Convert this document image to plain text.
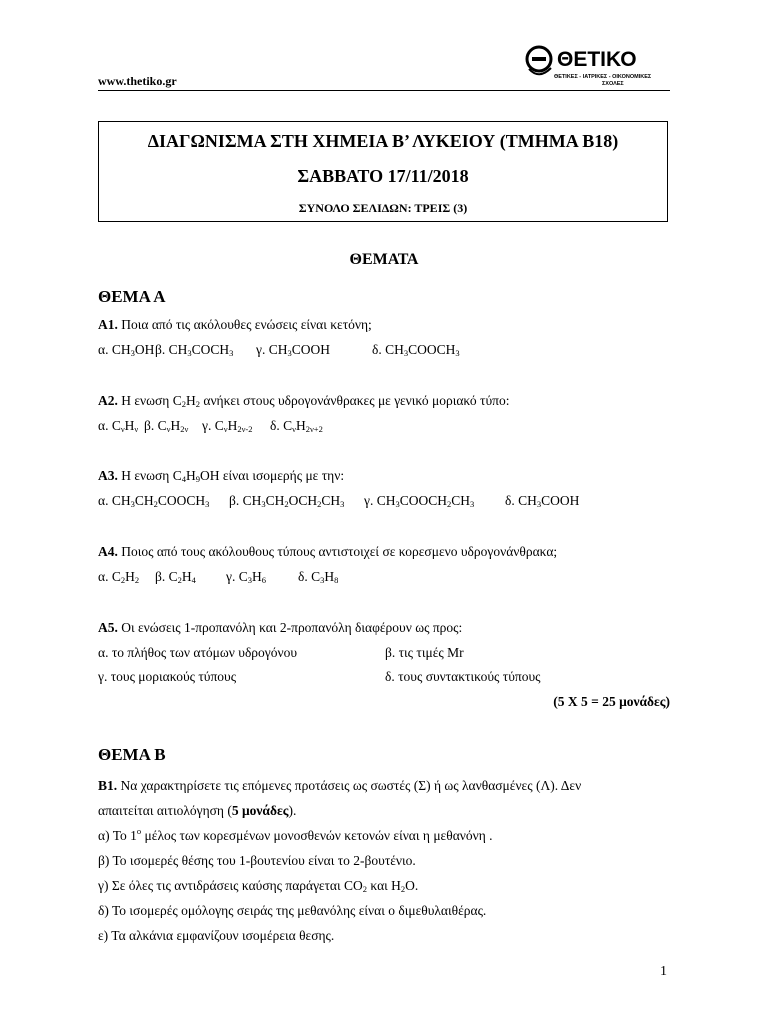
www.thetiko.gr
ΘΕΤΙΚΟ
ΘΕΤΙΚΕΣ - ΙΑΤΡΙΚΕΣ - ΟΙΚΟΝΟΜΙΚΕΣ
ΣΧΟΛΕΣ
ΔΙΑΓΩΝΙΣΜΑ ΣΤΗ ΧΗΜΕΙΑ Β’ ΛΥΚΕΙΟΥ (ΤΜΗΜΑ Β18)
ΣΑΒΒΑΤΟ 17/11/2018
ΣΥΝΟΛΟ ΣΕΛΙΔΩΝ: ΤΡΕΙΣ (3)
ΘΕΜΑΤΑ
ΘΕΜΑ Α
Α1. Ποια από τις ακόλουθες ενώσεις είναι κετόνη;
α. $CH_3OH\beta$. $CH_3COCH_3$ γ. $CH_3COOH$	δ. $CH_3COOCH_3$
Α2. Η ενωση $C_2H_2$ ανήκει στους υδρογονάνθρακες με γενικό μοριακό τύπο:
α. $C_\nu H_\nu$ β. $C_\nu H_{2\nu}$ γ. $C_\nu H_{2\nu-2}$ δ. $C_\nu H_{2\nu+2}$
Α3. Η ενωση $C_4H_9OH$ είναι ισομερής με την:
α. $CH_3CH_2COOCH_3$ β. $CH_3CH_2OCH_2CH_3$ γ. $CH_3COOCH_2CH_3$ δ. $CH_3COOH$
Α4. Ποιος από τους ακόλουθους τύπους αντιστοιχεί σε κορεσμενο υδρογονάνθρακα;
α. $C_2H_2$ β. $C_2H_4$ γ. $C_3H_6$ δ. $C_3H_8$
Α5. Οι ενώσεις 1-προπανόλη και 2-προπανόλη διαφέρουν ως προς:
α. το πλήθος των ατόμων υδρογόνου	β. τις τιμές Mr
γ. τους μοριακούς τύπους	δ. τους συντακτικούς τύπους
(5 Χ 5 = 25 μονάδες)
ΘΕΜΑ Β
Β1. Να χαρακτηρίσετε τις επόμενες προτάσεις ως σωστές (Σ) ή ως λανθασμένες (Λ). Δεν
απαιτείται αιτιολόγηση (5 μονάδες).
α) Το $1^o$ μέλος των κορεσμένων μονοσθενών κετονών είναι η μεθανόνη .
β) Το ισομερές θέσης του 1-βουτενίου είναι το 2-βουτένιο.
γ) Σε όλες τις αντιδράσεις καύσης παράγεται $CO_2$ και $H_2O$.
δ) Το ισομερές ομόλογης σειράς της μεθανόλης είναι ο διμεθυλαιθέρας.
ε) Τα αλκάνια εμφανίζουν ισομέρεια θεσης.
1
